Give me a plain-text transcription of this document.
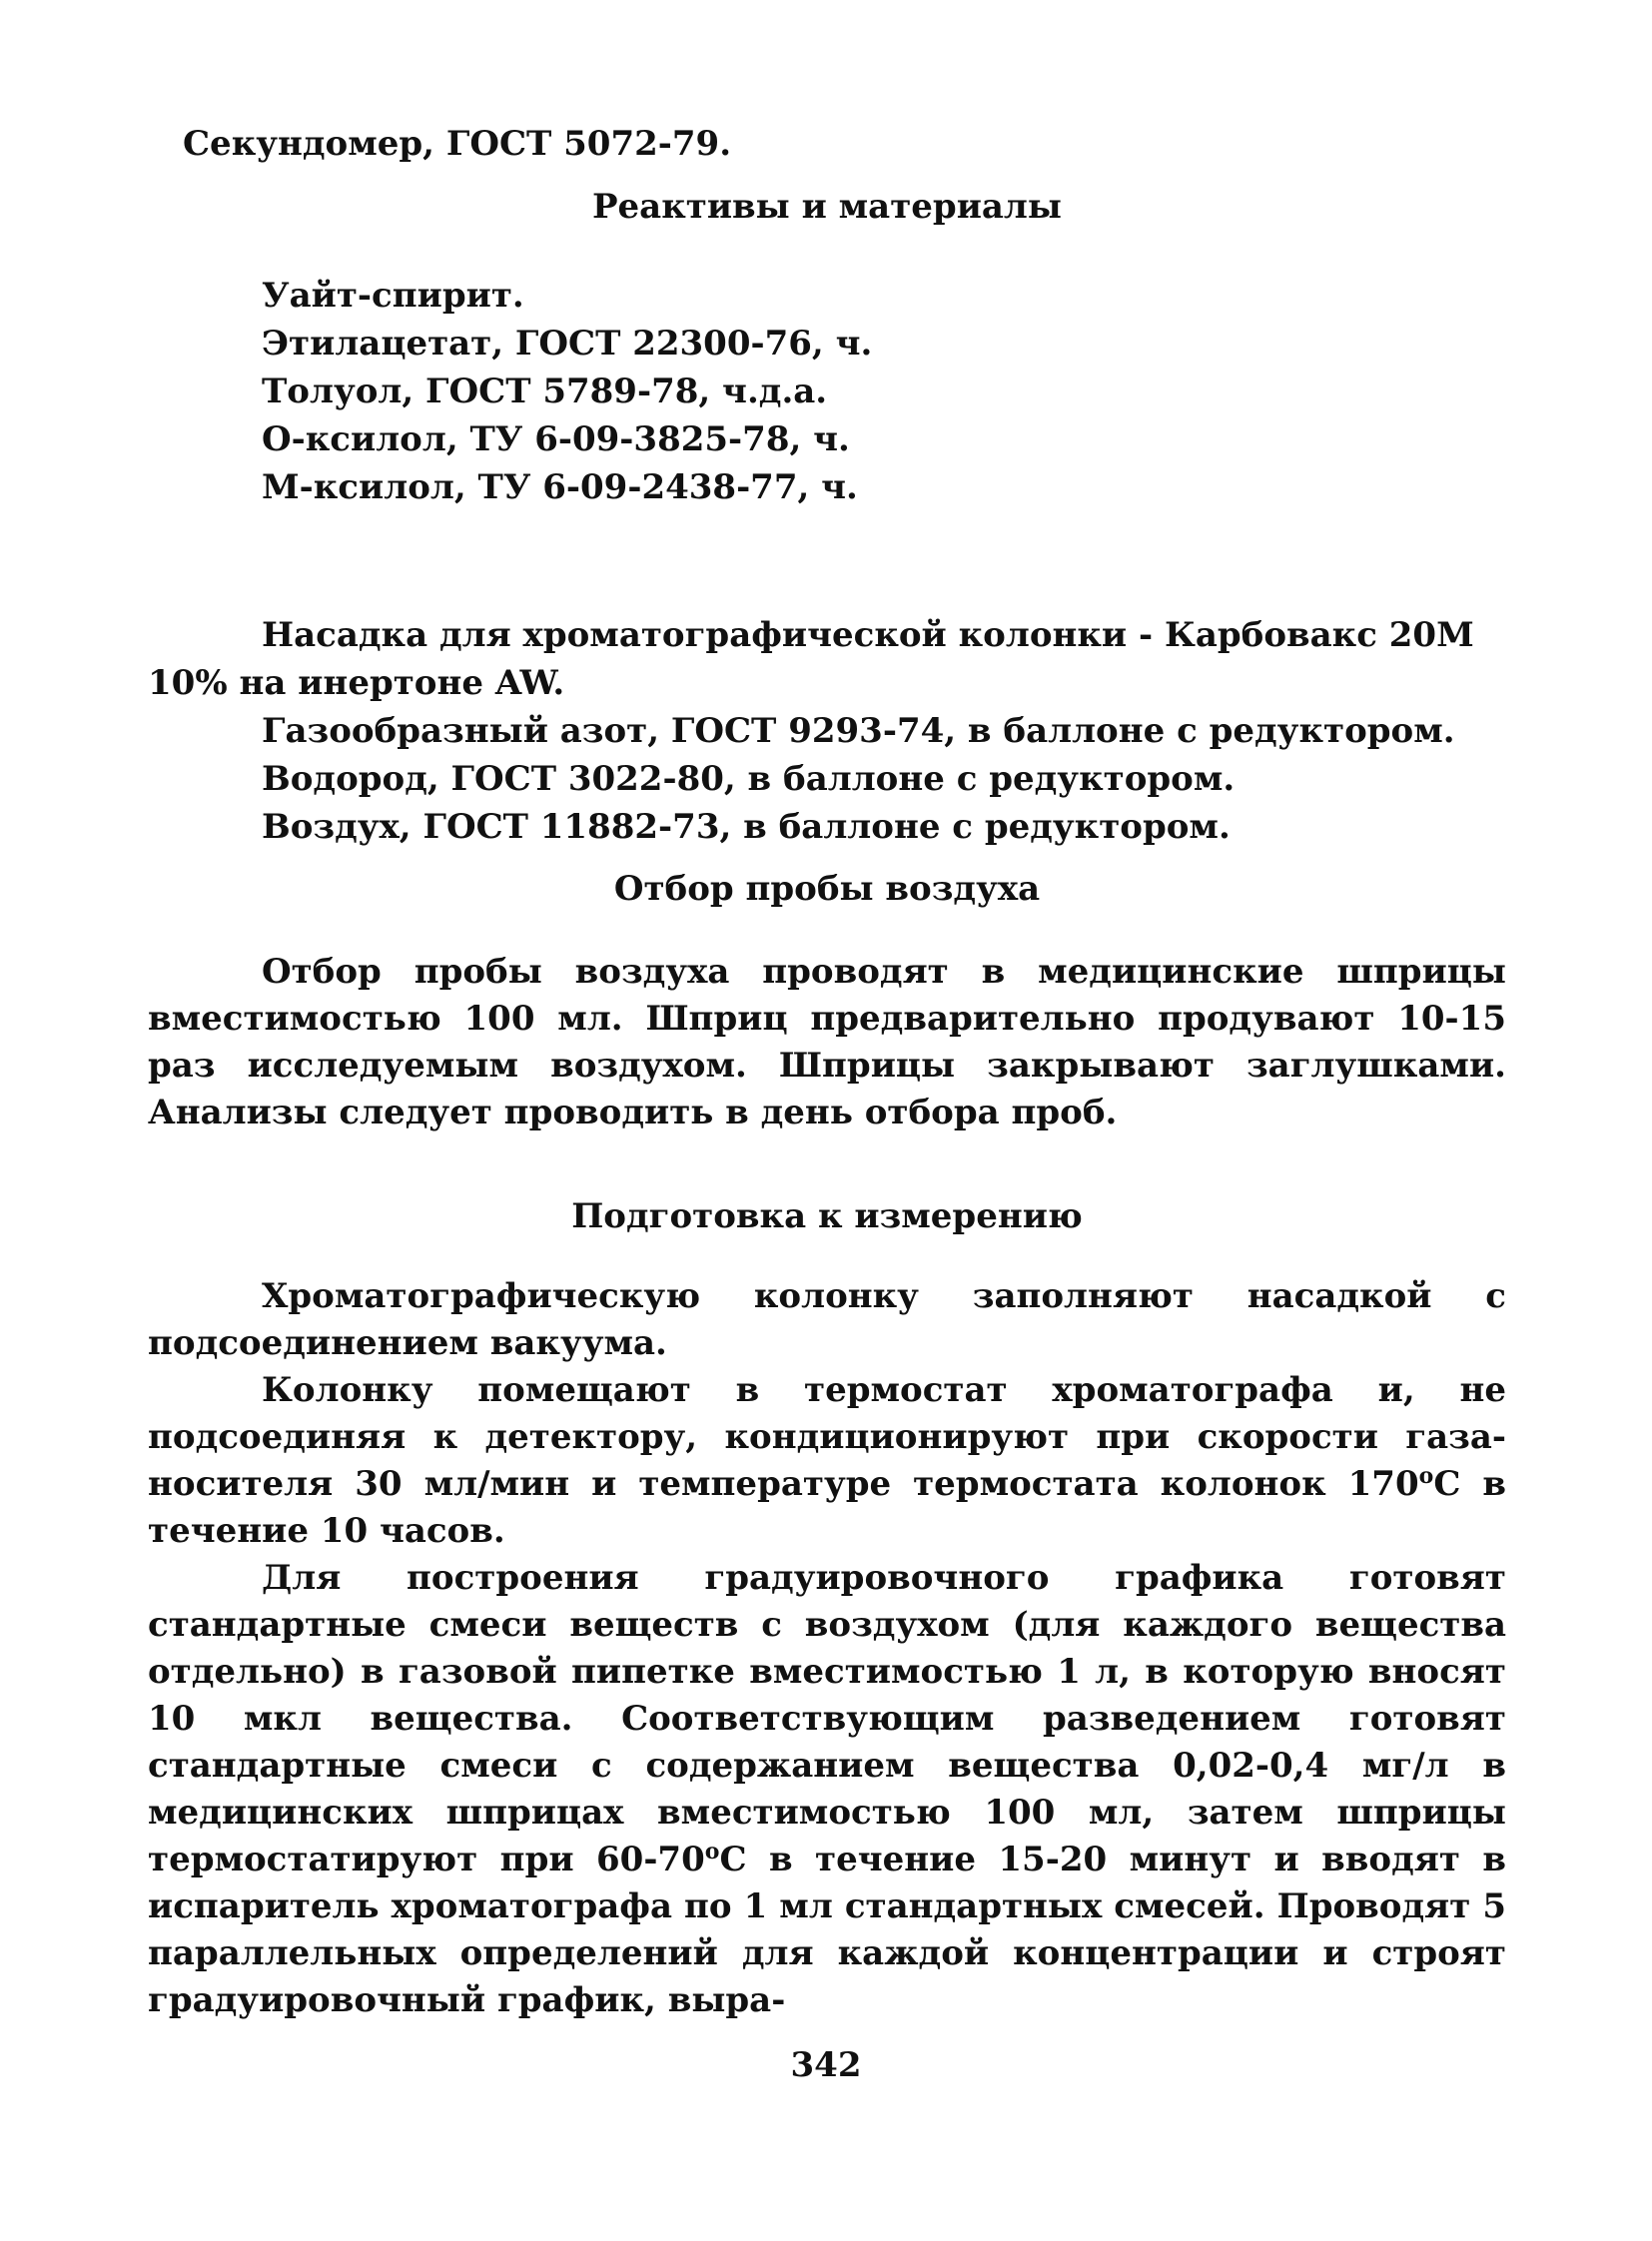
Секундомер, ГОСТ 5072-79.
Реактивы и материалы
Уайт-спирит.
Этилацетат, ГОСТ 22300-76, ч.
Толуол, ГОСТ 5789-78, ч.д.а.
О-ксилол, ТУ 6-09-3825-78, ч.
М-ксилол, ТУ 6-09-2438-77, ч.
Насадка для хроматографической колонки - Карбовакс 20М
10% на инертоне AW.
Газообразный азот, ГОСТ 9293-74, в баллоне с редуктором.
Водород, ГОСТ 3022-80, в баллоне с редуктором.
Воздух, ГОСТ 11882-73, в баллоне с редуктором.
Отбор пробы воздуха

Отбор пробы воздуха проводят в медицинские шприцы вместимостью 100 мл. Шприц предварительно продувают 10-15 раз исследуемым воздухом. Шприцы закрывают заглушками. Анализы следует проводить в день отбора проб.

Подготовка к измерению

Хроматографическую колонку заполняют насадкой с подсоединением вакуума.

Колонку помещают в термостат хроматографа и, не подсоединяя к детектору, кондиционируют при скорости газа-носителя 30 мл/мин и температуре термостата колонок $170^оС$ в течение 10 часов.

Для построения градуировочного графика готовят стандартные смеси веществ с воздухом (для каждого вещества отдельно) в газовой пипетке вместимостью 1 л, в которую вносят 10 мкл вещества. Соответствующим разведением готовят стандартные смеси с содержанием вещества 0,02-0,4 мг/л в медицинских шприцах вместимостью 100 мл, затем шприцы термостатируют при $60-70^оС$ в течение 15-20 минут и вводят в испаритель хроматографа по 1 мл стандартных смесей. Проводят 5 параллельных определений для каждой концентрации и строят градуировочный график, выра-

342
